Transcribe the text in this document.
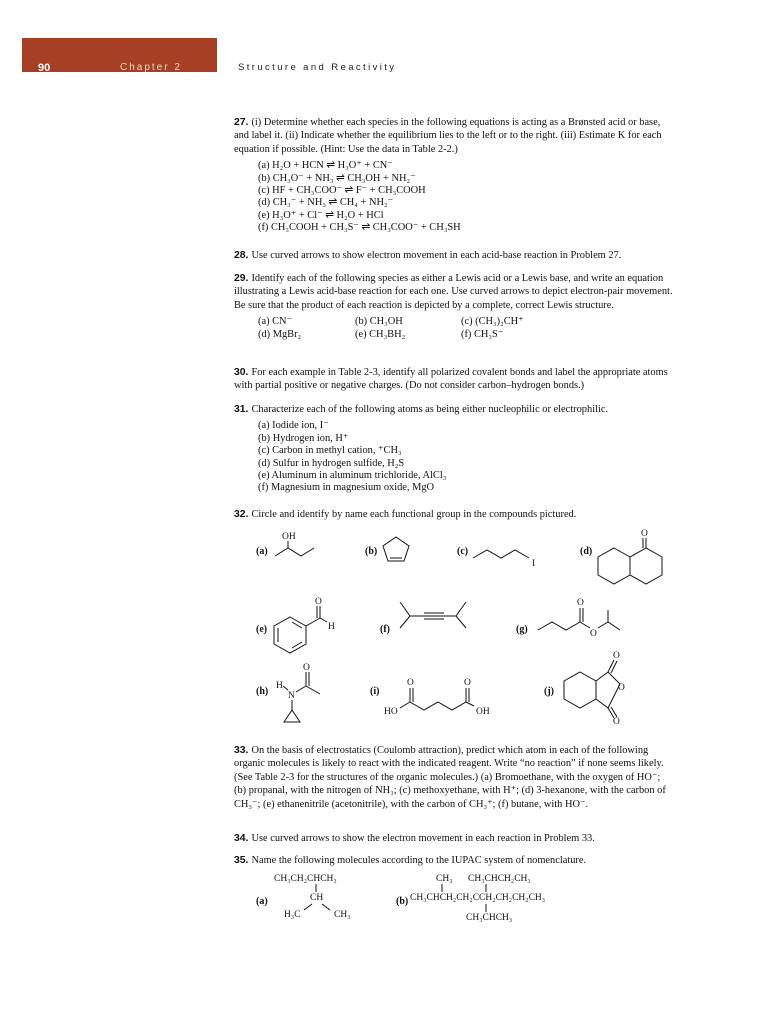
90	Chapter 2	Structure and Reactivity
27. (i) Determine whether each species in the following equations is acting as a Brønsted acid or base, and label it. (ii) Indicate whether the equilibrium lies to the left or to the right. (iii) Estimate K for each equation if possible. (Hint: Use the data in Table 2-2.)
(a) H₂O + HCN ⇌ H₃O⁺ + CN⁻
(b) CH₃O⁻ + NH₃ ⇌ CH₃OH + NH₂⁻
(c) HF + CH₃COO⁻ ⇌ F⁻ + CH₃COOH
(d) CH₃⁻ + NH₃ ⇌ CH₄ + NH₂⁻
(e) H₃O⁺ + Cl⁻ ⇌ H₂O + HCl
(f) CH₃COOH + CH₃S⁻ ⇌ CH₃COO⁻ + CH₃SH
28. Use curved arrows to show electron movement in each acid-base reaction in Problem 27.
29. Identify each of the following species as either a Lewis acid or a Lewis base, and write an equation illustrating a Lewis acid-base reaction for each one. Use curved arrows to depict electron-pair movement. Be sure that the product of each reaction is depicted by a complete, correct Lewis structure.
(a) CN⁻	(b) CH₃OH	(c) (CH₃)₂CH⁺
(d) MgBr₂	(e) CH₃BH₂	(f) CH₃S⁻
30. For each example in Table 2-3, identify all polarized covalent bonds and label the appropriate atoms with partial positive or negative charges. (Do not consider carbon–hydrogen bonds.)
31. Characterize each of the following atoms as being either nucleophilic or electrophilic.
(a) Iodide ion, I⁻
(b) Hydrogen ion, H⁺
(c) Carbon in methyl cation, ⁺CH₃
(d) Sulfur in hydrogen sulfide, H₂S
(e) Aluminum in aluminum trichloride, AlCl₃
(f) Magnesium in magnesium oxide, MgO
32. Circle and identify by name each functional group in the compounds pictured.
(a)
OH
(b)	(c)
I
(d)
O
(e)
O
H	(f)	(g)
O
O
(h) H
N
O
(i)
HO
O	O
OH
(j)
O
O
O
33. On the basis of electrostatics (Coulomb attraction), predict which atom in each of the following organic molecules is likely to react with the indicated reagent. Write “no reaction” if none seems likely. (See Table 2-3 for the structures of the organic molecules.) (a) Bromoethane, with the oxygen of HO⁻; (b) propanal, with the nitrogen of NH₃; (c) methoxyethane, with H⁺; (d) 3-hexanone, with the carbon of CH₃⁻; (e) ethanenitrile (acetonitrile), with the carbon of CH₃⁺; (f) butane, with HO⁻.
34. Use curved arrows to show the electron movement in each reaction in Problem 33.
35. Name the following molecules according to the IUPAC system of nomenclature.
(a)
CH₃CH₂CHCH₃
CH
H₃C	CH₃
(b)
CH₃ CH₃CHCH₂CH₃
CH₃CHCH₂CH₂CCH₂CH₂CH₂CH₃
CH₃CHCH₃
